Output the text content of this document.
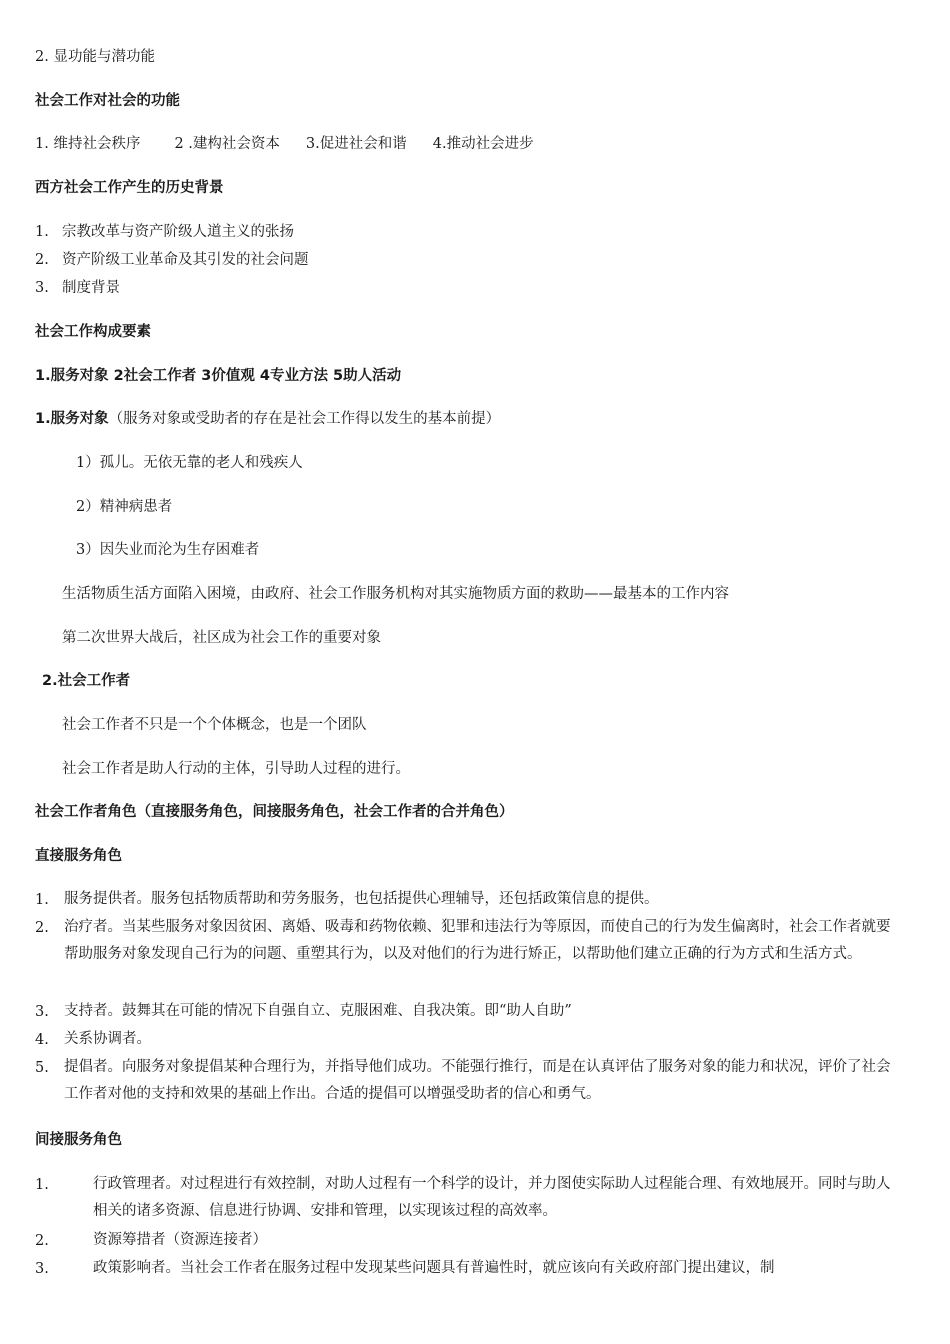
2. 显功能与潜功能
社会工作对社会的功能
1. 维持社会秩序 2 .建构社会资本 3.促进社会和谐 4.推动社会进步
西方社会工作产生的历史背景
1. 宗教改革与资产阶级人道主义的张扬
2. 资产阶级工业革命及其引发的社会问题
3. 制度背景
社会工作构成要素
1.服务对象 2社会工作者 3价值观 4专业方法 5助人活动
1.服务对象（服务对象或受助者的存在是社会工作得以发生的基本前提）
1）孤儿。无依无靠的老人和残疾人
2）精神病患者
3）因失业而沦为生存困难者
生活物质生活方面陷入困境，由政府、社会工作服务机构对其实施物质方面的救助——最基本的工作内容
第二次世界大战后，社区成为社会工作的重要对象
2.社会工作者
社会工作者不只是一个个体概念，也是一个团队
社会工作者是助人行动的主体，引导助人过程的进行。
社会工作者角色（直接服务角色，间接服务角色，社会工作者的合并角色）
直接服务角色
1. 服务提供者。服务包括物质帮助和劳务服务，也包括提供心理辅导，还包括政策信息的提供。
2. 治疗者。当某些服务对象因贫困、离婚、吸毒和药物依赖、犯罪和违法行为等原因，而使自己的行为发生偏离时，社会工作者就要帮助服务对象发现自己行为的问题、重塑其行为，以及对他们的行为进行矫正，以帮助他们建立正确的行为方式和生活方式。
3. 支持者。鼓舞其在可能的情况下自强自立、克服困难、自我决策。即“助人自助”
4. 关系协调者。
5. 提倡者。向服务对象提倡某种合理行为，并指导他们成功。不能强行推行，而是在认真评估了服务对象的能力和状况，评价了社会工作者对他的支持和效果的基础上作出。合适的提倡可以增强受助者的信心和勇气。
间接服务角色
1.	行政管理者。对过程进行有效控制，对助人过程有一个科学的设计，并力图使实际助人过程能合理、有效地展开。同时与助人相关的诸多资源、信息进行协调、安排和管理，以实现该过程的高效率。
2.	资源筹措者（资源连接者）
3.	政策影响者。当社会工作者在服务过程中发现某些问题具有普遍性时，就应该向有关政府部门提出建议，制
